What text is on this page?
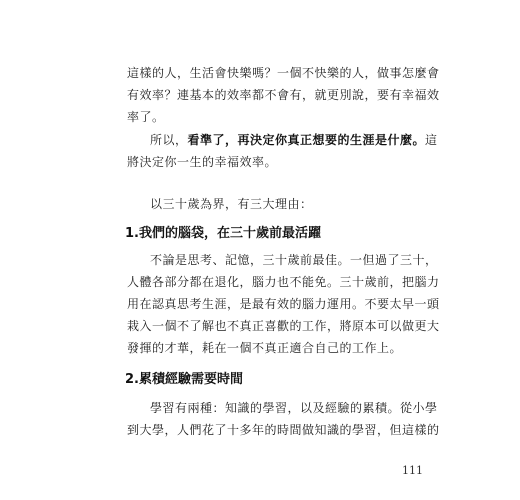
這樣的人，生活會快樂嗎？一個不快樂的人，做事怎麼會
有效率？連基本的效率都不會有，就更別說，要有幸福效
率了。
所以，看準了，再決定你真正想要的生涯是什麼。這
將決定你一生的幸福效率。
以三十歲為界，有三大理由：
1.我們的腦袋，在三十歲前最活躍
不論是思考、記憶，三十歲前最佳。一但過了三十，
人體各部分都在退化，腦力也不能免。三十歲前，把腦力
用在認真思考生涯，是最有效的腦力運用。不要太早一頭
栽入一個不了解也不真正喜歡的工作，將原本可以做更大
發揮的才華，耗在一個不真正適合自己的工作上。
2.累積經驗需要時間
學習有兩種：知識的學習，以及經驗的累積。從小學
到大學，人們花了十多年的時間做知識的學習，但這樣的
111
